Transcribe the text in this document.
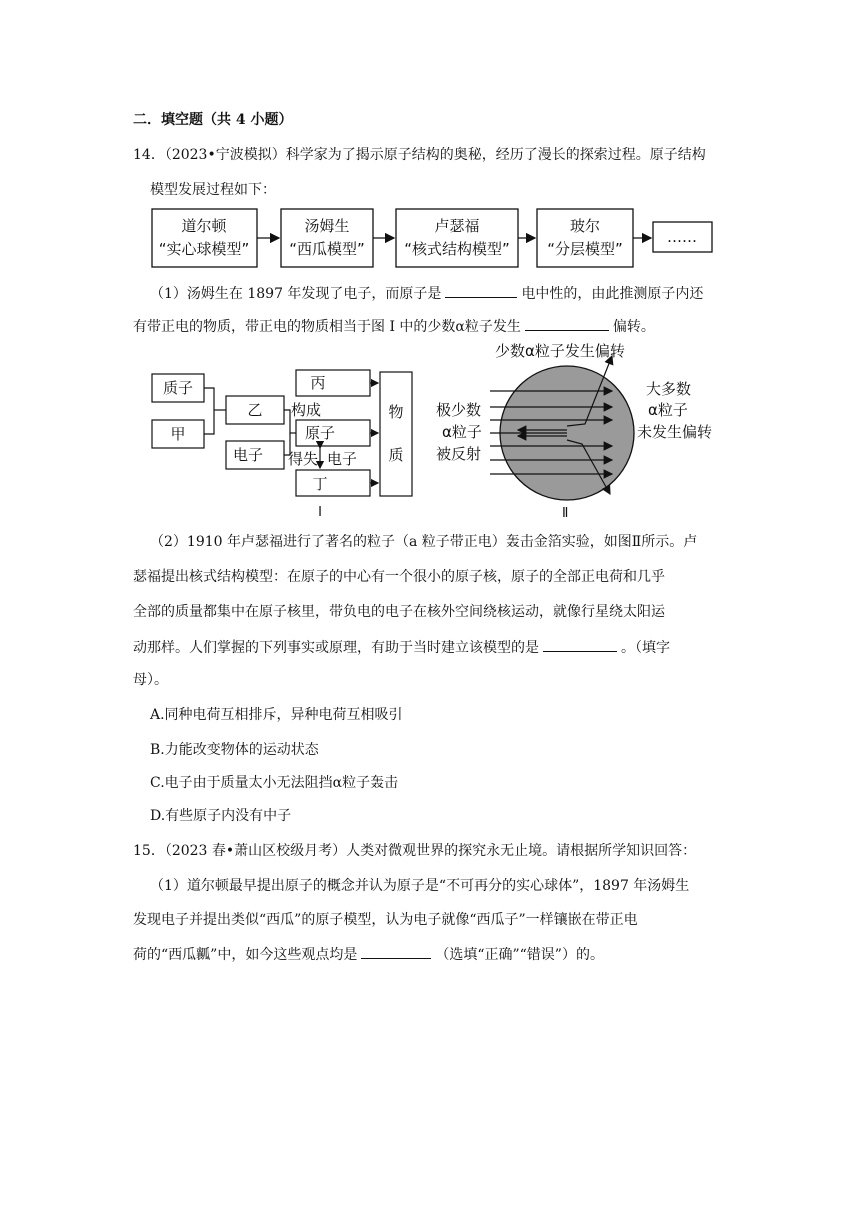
二．填空题（共 4 小题）
14．（2023•宁波模拟）科学家为了揭示原子结构的奥秘，经历了漫长的探索过程。原子结构
模型发展过程如下：
道尔顿
“实心球模型”
汤姆生
“西瓜模型”
卢瑟福
“核式结构模型”
玻尔
“分层模型”
……
（1）汤姆生在 1897 年发现了电子，而原子是	电中性的，由此推测原子内还
有带正电的物质，带正电的物质相当于图 I 中的少数α粒子发生	偏转。
质子
甲
乙
电子
丙
原子
丁
构成
得失 电子
物
质
I
少数α粒子发生偏转
极少数
α粒子
被反射
大多数
α粒子
未发生偏转
Ⅱ
（2）1910 年卢瑟福进行了著名的粒子（a 粒子带正电）轰击金箔实验，如图Ⅱ所示。卢
瑟福提出核式结构模型：在原子的中心有一个很小的原子核，原子的全部正电荷和几乎
全部的质量都集中在原子核里，带负电的电子在核外空间绕核运动，就像行星绕太阳运
动那样。人们掌握的下列事实或原理，有助于当时建立该模型的是	。（填字
母）。
A.同种电荷互相排斥，异种电荷互相吸引
B.力能改变物体的运动状态
C.电子由于质量太小无法阻挡α粒子轰击
D.有些原子内没有中子
15．（2023 春•萧山区校级月考）人类对微观世界的探究永无止境。请根据所学知识回答：
（1）道尔顿最早提出原子的概念并认为原子是“不可再分的实心球体”，1897 年汤姆生
发现电子并提出类似“西瓜”的原子模型，认为电子就像“西瓜子”一样镶嵌在带正电
荷的“西瓜瓤”中，如今这些观点均是	（选填“正确”“错误”）的。
